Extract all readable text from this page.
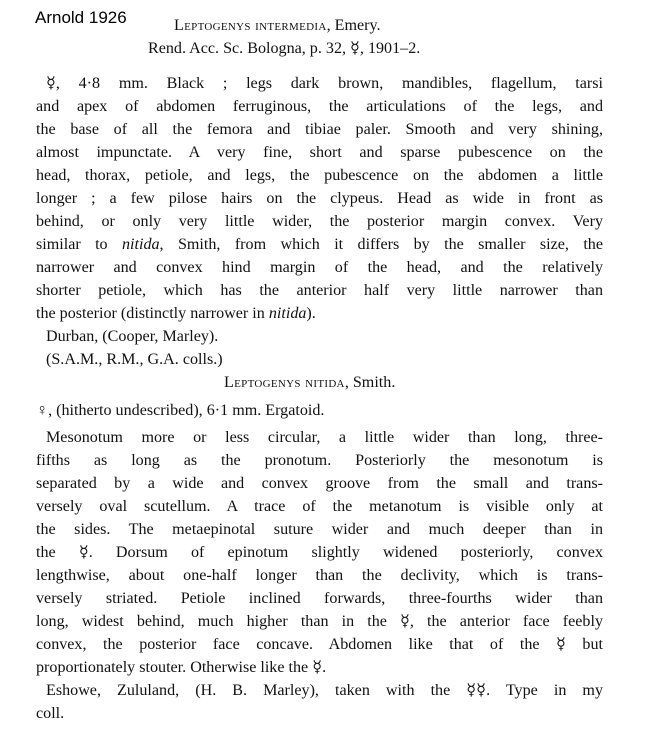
Arnold 1926	Leptogenys intermedia, Emery.
Rend. Acc. Sc. Bologna, p. 32, ☿, 1901–2.
☿, 4·8 mm. Black ; legs dark brown, mandibles, flagellum, tarsi
and apex of abdomen ferruginous, the articulations of the legs, and
the base of all the femora and tibiae paler. Smooth and very shining,
almost impunctate. A very fine, short and sparse pubescence on the
head, thorax, petiole, and legs, the pubescence on the abdomen a little
longer ; a few pilose hairs on the clypeus. Head as wide in front as
behind, or only very little wider, the posterior margin convex. Very
similar to nitida, Smith, from which it differs by the smaller size, the
narrower and convex hind margin of the head, and the relatively
shorter petiole, which has the anterior half very little narrower than
the posterior (distinctly narrower in nitida).
Durban, (Cooper, Marley).
(S.A.M., R.M., G.A. colls.)
Leptogenys nitida, Smith.
♀, (hitherto undescribed), 6·1 mm. Ergatoid.
Mesonotum more or less circular, a little wider than long, three-
fifths as long as the pronotum. Posteriorly the mesonotum is
separated by a wide and convex groove from the small and trans-
versely oval scutellum. A trace of the metanotum is visible only at
the sides. The metaepinotal suture wider and much deeper than in
the ☿. Dorsum of epinotum slightly widened posteriorly, convex
lengthwise, about one-half longer than the declivity, which is trans-
versely striated. Petiole inclined forwards, three-fourths wider than
long, widest behind, much higher than in the ☿, the anterior face feebly
convex, the posterior face concave. Abdomen like that of the ☿ but
proportionately stouter. Otherwise like the ☿.
Eshowe, Zululand, (H. B. Marley), taken with the ☿☿. Type in my
coll.
